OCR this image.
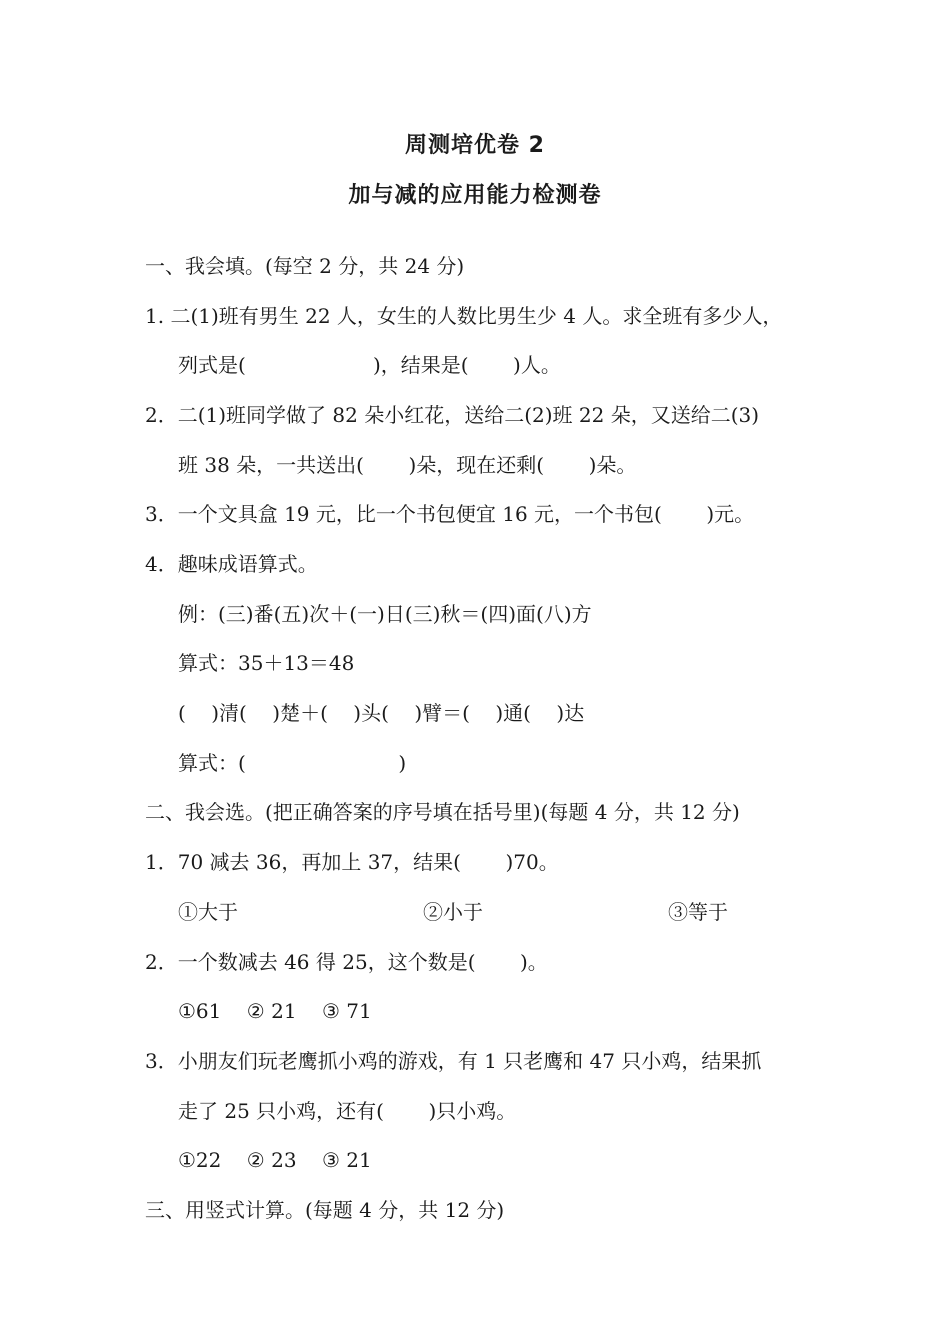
周测培优卷 2
加与减的应用能力检测卷
一、我会填。(每空 2 分，共 24 分)
1. 二(1)班有男生 22 人，女生的人数比男生少 4 人。求全班有多少人，
列式是(                    )，结果是(       )人。
2．二(1)班同学做了 82 朵小红花，送给二(2)班 22 朵，又送给二(3)
班 38 朵，一共送出(       )朵，现在还剩(       )朵。
3．一个文具盒 19 元，比一个书包便宜 16 元，一个书包(       )元。
4．趣味成语算式。
例：(三)番(五)次＋(一)日(三)秋＝(四)面(八)方
算式：35＋13＝48
(    )清(    )楚＋(    )头(    )臂＝(    )通(    )达
算式：(                        )
二、我会选。(把正确答案的序号填在括号里)(每题 4 分，共 12 分)
1．70 减去 36，再加上 37，结果(       )70。
①大于	②小于	③等于
2．一个数减去 46 得 25，这个数是(       )。
①61    ② 21    ③ 71
3．小朋友们玩老鹰抓小鸡的游戏，有 1 只老鹰和 47 只小鸡，结果抓
走了 25 只小鸡，还有(       )只小鸡。
①22    ② 23    ③ 21
三、用竖式计算。(每题 4 分，共 12 分)
